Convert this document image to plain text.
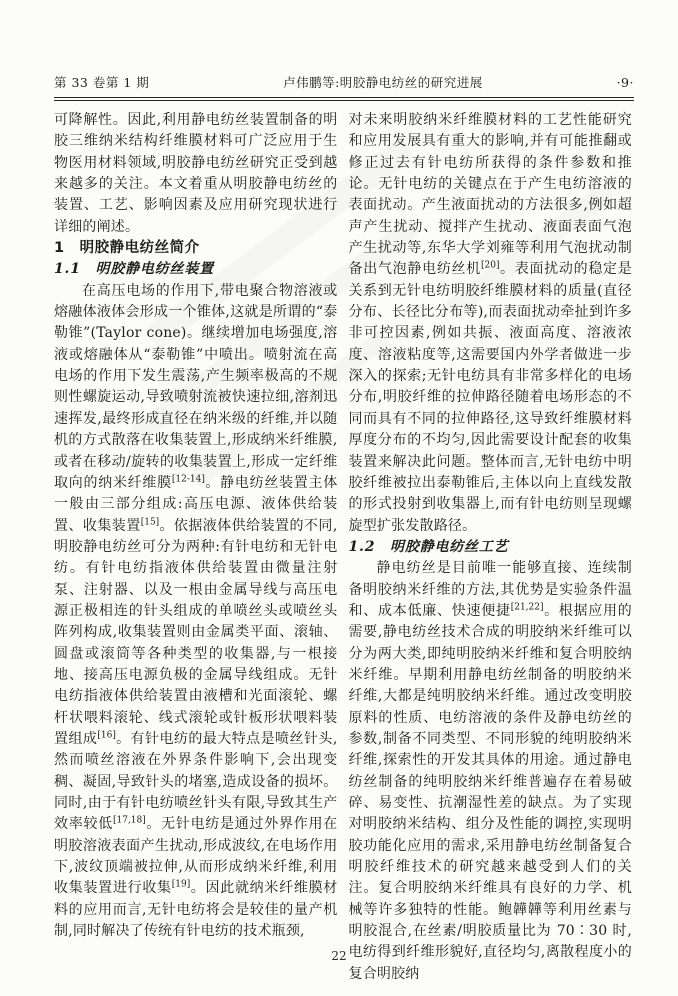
第 33 卷第 1 期	卢伟鹏等:明胶静电纺丝的研究进展	·9·

可降解性。因此,利用静电纺丝装置制备的明胶三维纳米结构纤维膜材料可广泛应用于生物医用材料领域,明胶静电纺丝研究正受到越来越多的关注。本文着重从明胶静电纺丝的装置、工艺、影响因素及应用研究现状进行详细的阐述。

1　明胶静电纺丝简介

1.1　明胶静电纺丝装置

在高压电场的作用下,带电聚合物溶液或熔融体液体会形成一个锥体,这就是所谓的“泰勒锥”(Taylor cone)。继续增加电场强度,溶液或熔融体从“泰勒锥”中喷出。喷射流在高电场的作用下发生震荡,产生频率极高的不规则性螺旋运动,导致喷射流被快速拉细,溶剂迅速挥发,最终形成直径在纳米级的纤维,并以随机的方式散落在收集装置上,形成纳米纤维膜,或者在移动/旋转的收集装置上,形成一定纤维取向的纳米纤维膜[12-14]。静电纺丝装置主体一般由三部分组成:高压电源、液体供给装置、收集装置[15]。依据液体供给装置的不同,明胶静电纺丝可分为两种:有针电纺和无针电纺。有针电纺指液体供给装置由微量注射泵、注射器、以及一根由金属导线与高压电源正极相连的针头组成的单喷丝头或喷丝头阵列构成,收集装置则由金属类平面、滚轴、圆盘或滚筒等各种类型的收集器,与一根接地、接高压电源负极的金属导线组成。无针电纺指液体供给装置由液槽和光面滚轮、螺杆状喂料滚轮、线式滚轮或针板形状喂料装置组成[16]。有针电纺的最大特点是喷丝针头,然而喷丝溶液在外界条件影响下,会出现变稠、凝固,导致针头的堵塞,造成设备的损坏。同时,由于有针电纺喷丝针头有限,导致其生产效率较低[17,18]。无针电纺是通过外界作用在明胶溶液表面产生扰动,形成波纹,在电场作用下,波纹顶端被拉伸,从而形成纳米纤维,利用收集装置进行收集[19]。因此就纳米纤维膜材料的应用而言,无针电纺将会是较佳的量产机制,同时解决了传统有针电纺的技术瓶颈,

对未来明胶纳米纤维膜材料的工艺性能研究和应用发展具有重大的影响,并有可能推翻或修正过去有针电纺所获得的条件参数和推论。无针电纺的关键点在于产生电纺溶液的表面扰动。产生液面扰动的方法很多,例如超声产生扰动、搅拌产生扰动、液面表面气泡产生扰动等,东华大学刘雍等利用气泡扰动制备出气泡静电纺丝机[20]。表面扰动的稳定是关系到无针电纺明胶纤维膜材料的质量(直径分布、长径比分布等),而表面扰动牵扯到许多非可控因素,例如共振、液面高度、溶液浓度、溶液粘度等,这需要国内外学者做进一步深入的探索;无针电纺具有非常多样化的电场分布,明胶纤维的拉伸路径随着电场形态的不同而具有不同的拉伸路径,这导致纤维膜材料厚度分布的不均匀,因此需要设计配套的收集装置来解决此问题。整体而言,无针电纺中明胶纤维被拉出泰勒锥后,主体以向上直线发散的形式投射到收集器上,而有针电纺则呈现螺旋型扩张发散路径。

1.2　明胶静电纺丝工艺

静电纺丝是目前唯一能够直接、连续制备明胶纳米纤维的方法,其优势是实验条件温和、成本低廉、快速便捷[21,22]。根据应用的需要,静电纺丝技术合成的明胶纳米纤维可以分为两大类,即纯明胶纳米纤维和复合明胶纳米纤维。早期利用静电纺丝制备的明胶纳米纤维,大都是纯明胶纳米纤维。通过改变明胶原料的性质、电纺溶液的条件及静电纺丝的参数,制备不同类型、不同形貌的纯明胶纳米纤维,探索性的开发其具体的用途。通过静电纺丝制备的纯明胶纳米纤维普遍存在着易破碎、易变性、抗潮湿性差的缺点。为了实现对明胶纳米结构、组分及性能的调控,实现明胶功能化应用的需求,采用静电纺丝制备复合明胶纤维技术的研究越来越受到人们的关注。复合明胶纳米纤维具有良好的力学、机械等许多独特的性能。鲍韡韡等利用丝素与明胶混合,在丝素/明胶质量比为 70∶30 时,电纺得到纤维形貌好,直径均匀,离散程度小的复合明胶纳

22
